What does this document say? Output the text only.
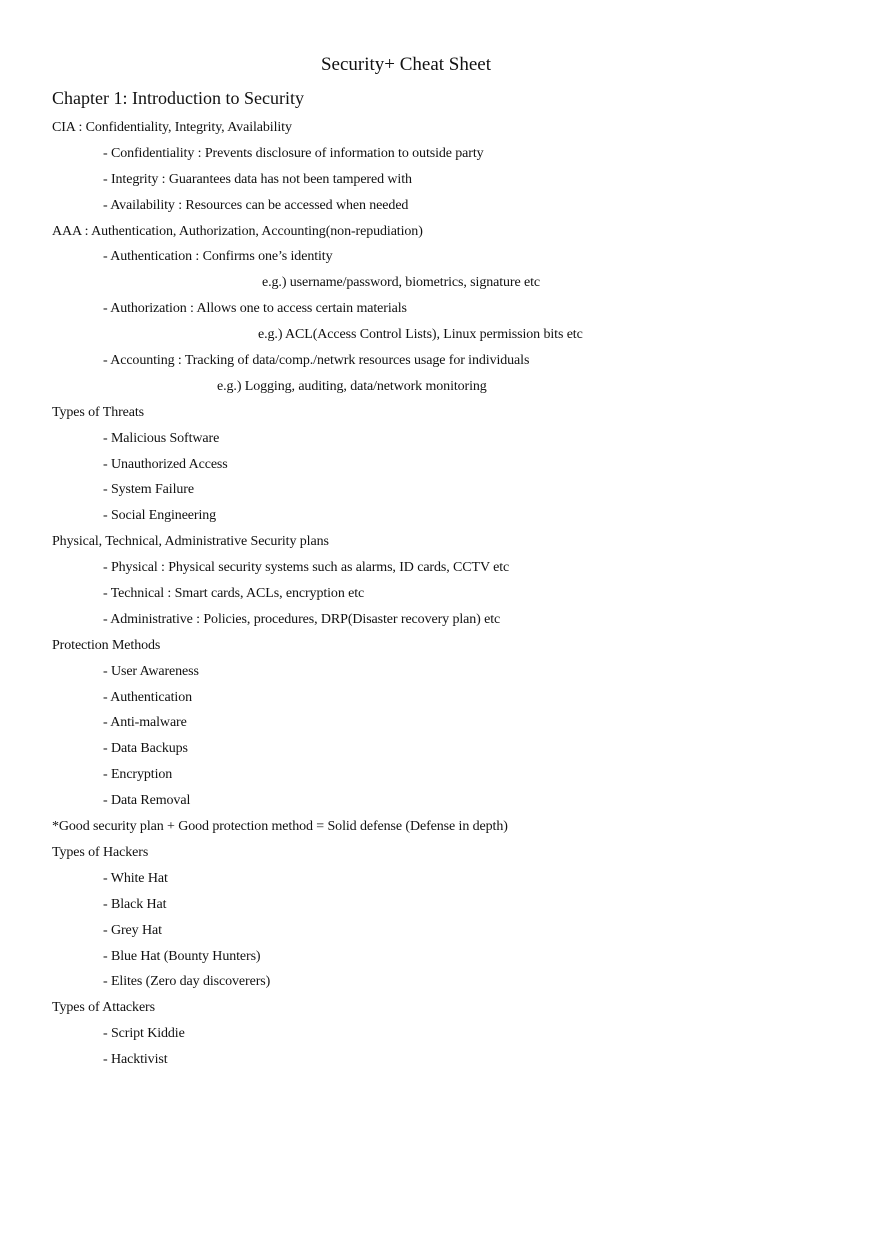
Security+ Cheat Sheet
Chapter 1: Introduction to Security
CIA : Confidentiality, Integrity, Availability
- Confidentiality : Prevents disclosure of information to outside party
- Integrity : Guarantees data has not been tampered with
- Availability : Resources can be accessed when needed
AAA : Authentication, Authorization, Accounting(non-repudiation)
- Authentication : Confirms one’s identity
e.g.) username/password, biometrics, signature etc
- Authorization : Allows one to access certain materials
e.g.) ACL(Access Control Lists), Linux permission bits etc
- Accounting : Tracking of data/comp./netwrk resources usage for individuals
e.g.) Logging, auditing, data/network monitoring
Types of Threats
- Malicious Software
- Unauthorized Access
- System Failure
- Social Engineering
Physical, Technical, Administrative Security plans
- Physical : Physical security systems such as alarms, ID cards, CCTV etc
- Technical : Smart cards, ACLs, encryption etc
- Administrative : Policies, procedures, DRP(Disaster recovery plan) etc
Protection Methods
- User Awareness
- Authentication
- Anti-malware
- Data Backups
- Encryption
- Data Removal
*Good security plan + Good protection method = Solid defense (Defense in depth)
Types of Hackers
- White Hat
- Black Hat
- Grey Hat
- Blue Hat (Bounty Hunters)
- Elites (Zero day discoverers)
Types of Attackers
- Script Kiddie
- Hacktivist
